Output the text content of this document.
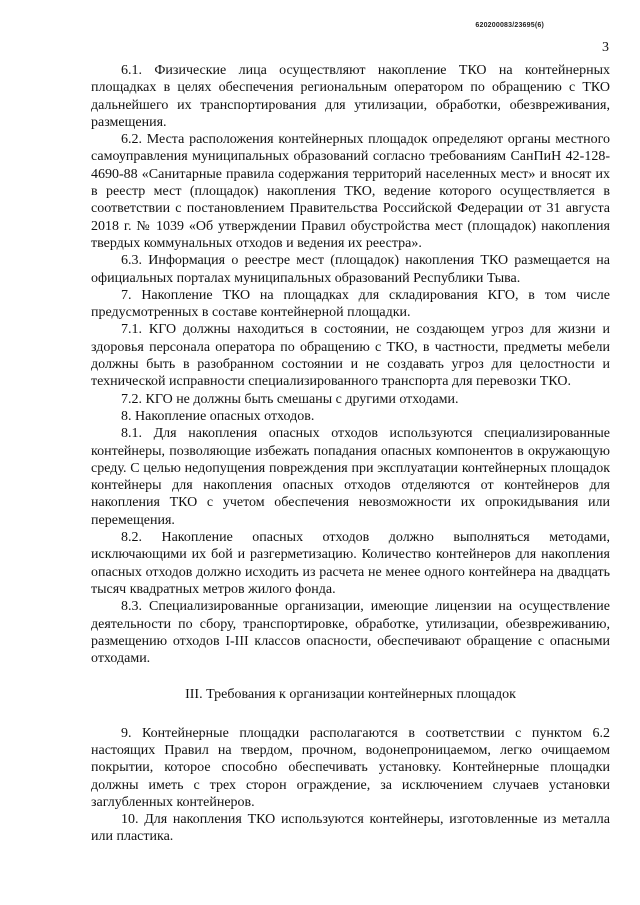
620200083/23695(6)
3

6.1. Физические лица осуществляют накопление ТКО на контейнерных площадках в целях обеспечения региональным оператором по обращению с ТКО дальнейшего их транспортирования для утилизации, обработки, обезвреживания, размещения.

6.2. Места расположения контейнерных площадок определяют органы местного самоуправления муниципальных образований согласно требованиям СанПиН 42-128-4690-88 «Санитарные правила содержания территорий населенных мест» и вносят их в реестр мест (площадок) накопления ТКО, ведение которого осуществляется в соответствии с постановлением Правительства Российской Федерации от 31 августа 2018 г. № 1039 «Об утверждении Правил обустройства мест (площадок) накопления твердых коммунальных отходов и ведения их реестра».

6.3. Информация о реестре мест (площадок) накопления ТКО размещается на официальных порталах муниципальных образований Республики Тыва.

7. Накопление ТКО на площадках для складирования КГО, в том числе предусмотренных в составе контейнерной площадки.

7.1. КГО должны находиться в состоянии, не создающем угроз для жизни и здоровья персонала оператора по обращению с ТКО, в частности, предметы мебели должны быть в разобранном состоянии и не создавать угроз для целостности и технической исправности специализированного транспорта для перевозки ТКО.

7.2. КГО не должны быть смешаны с другими отходами.

8. Накопление опасных отходов.

8.1. Для накопления опасных отходов используются специализированные контейнеры, позволяющие избежать попадания опасных компонентов в окружающую среду. С целью недопущения повреждения при эксплуатации контейнерных площадок контейнеры для накопления опасных отходов отделяются от контейнеров для накопления ТКО с учетом обеспечения невозможности их опрокидывания или перемещения.

8.2. Накопление опасных отходов должно выполняться методами, исключающими их бой и разгерметизацию. Количество контейнеров для накопления опасных отходов должно исходить из расчета не менее одного контейнера на двадцать тысяч квадратных метров жилого фонда.

8.3. Специализированные организации, имеющие лицензии на осуществление деятельности по сбору, транспортировке, обработке, утилизации, обезвреживанию, размещению отходов I-III классов опасности, обеспечивают обращение с опасными отходами.

III. Требования к организации контейнерных площадок

9. Контейнерные площадки располагаются в соответствии с пунктом 6.2 настоящих Правил на твердом, прочном, водонепроницаемом, легко очищаемом покрытии, которое способно обеспечивать установку. Контейнерные площадки должны иметь с трех сторон ограждение, за исключением случаев установки заглубленных контейнеров.

10. Для накопления ТКО используются контейнеры, изготовленные из металла или пластика.
